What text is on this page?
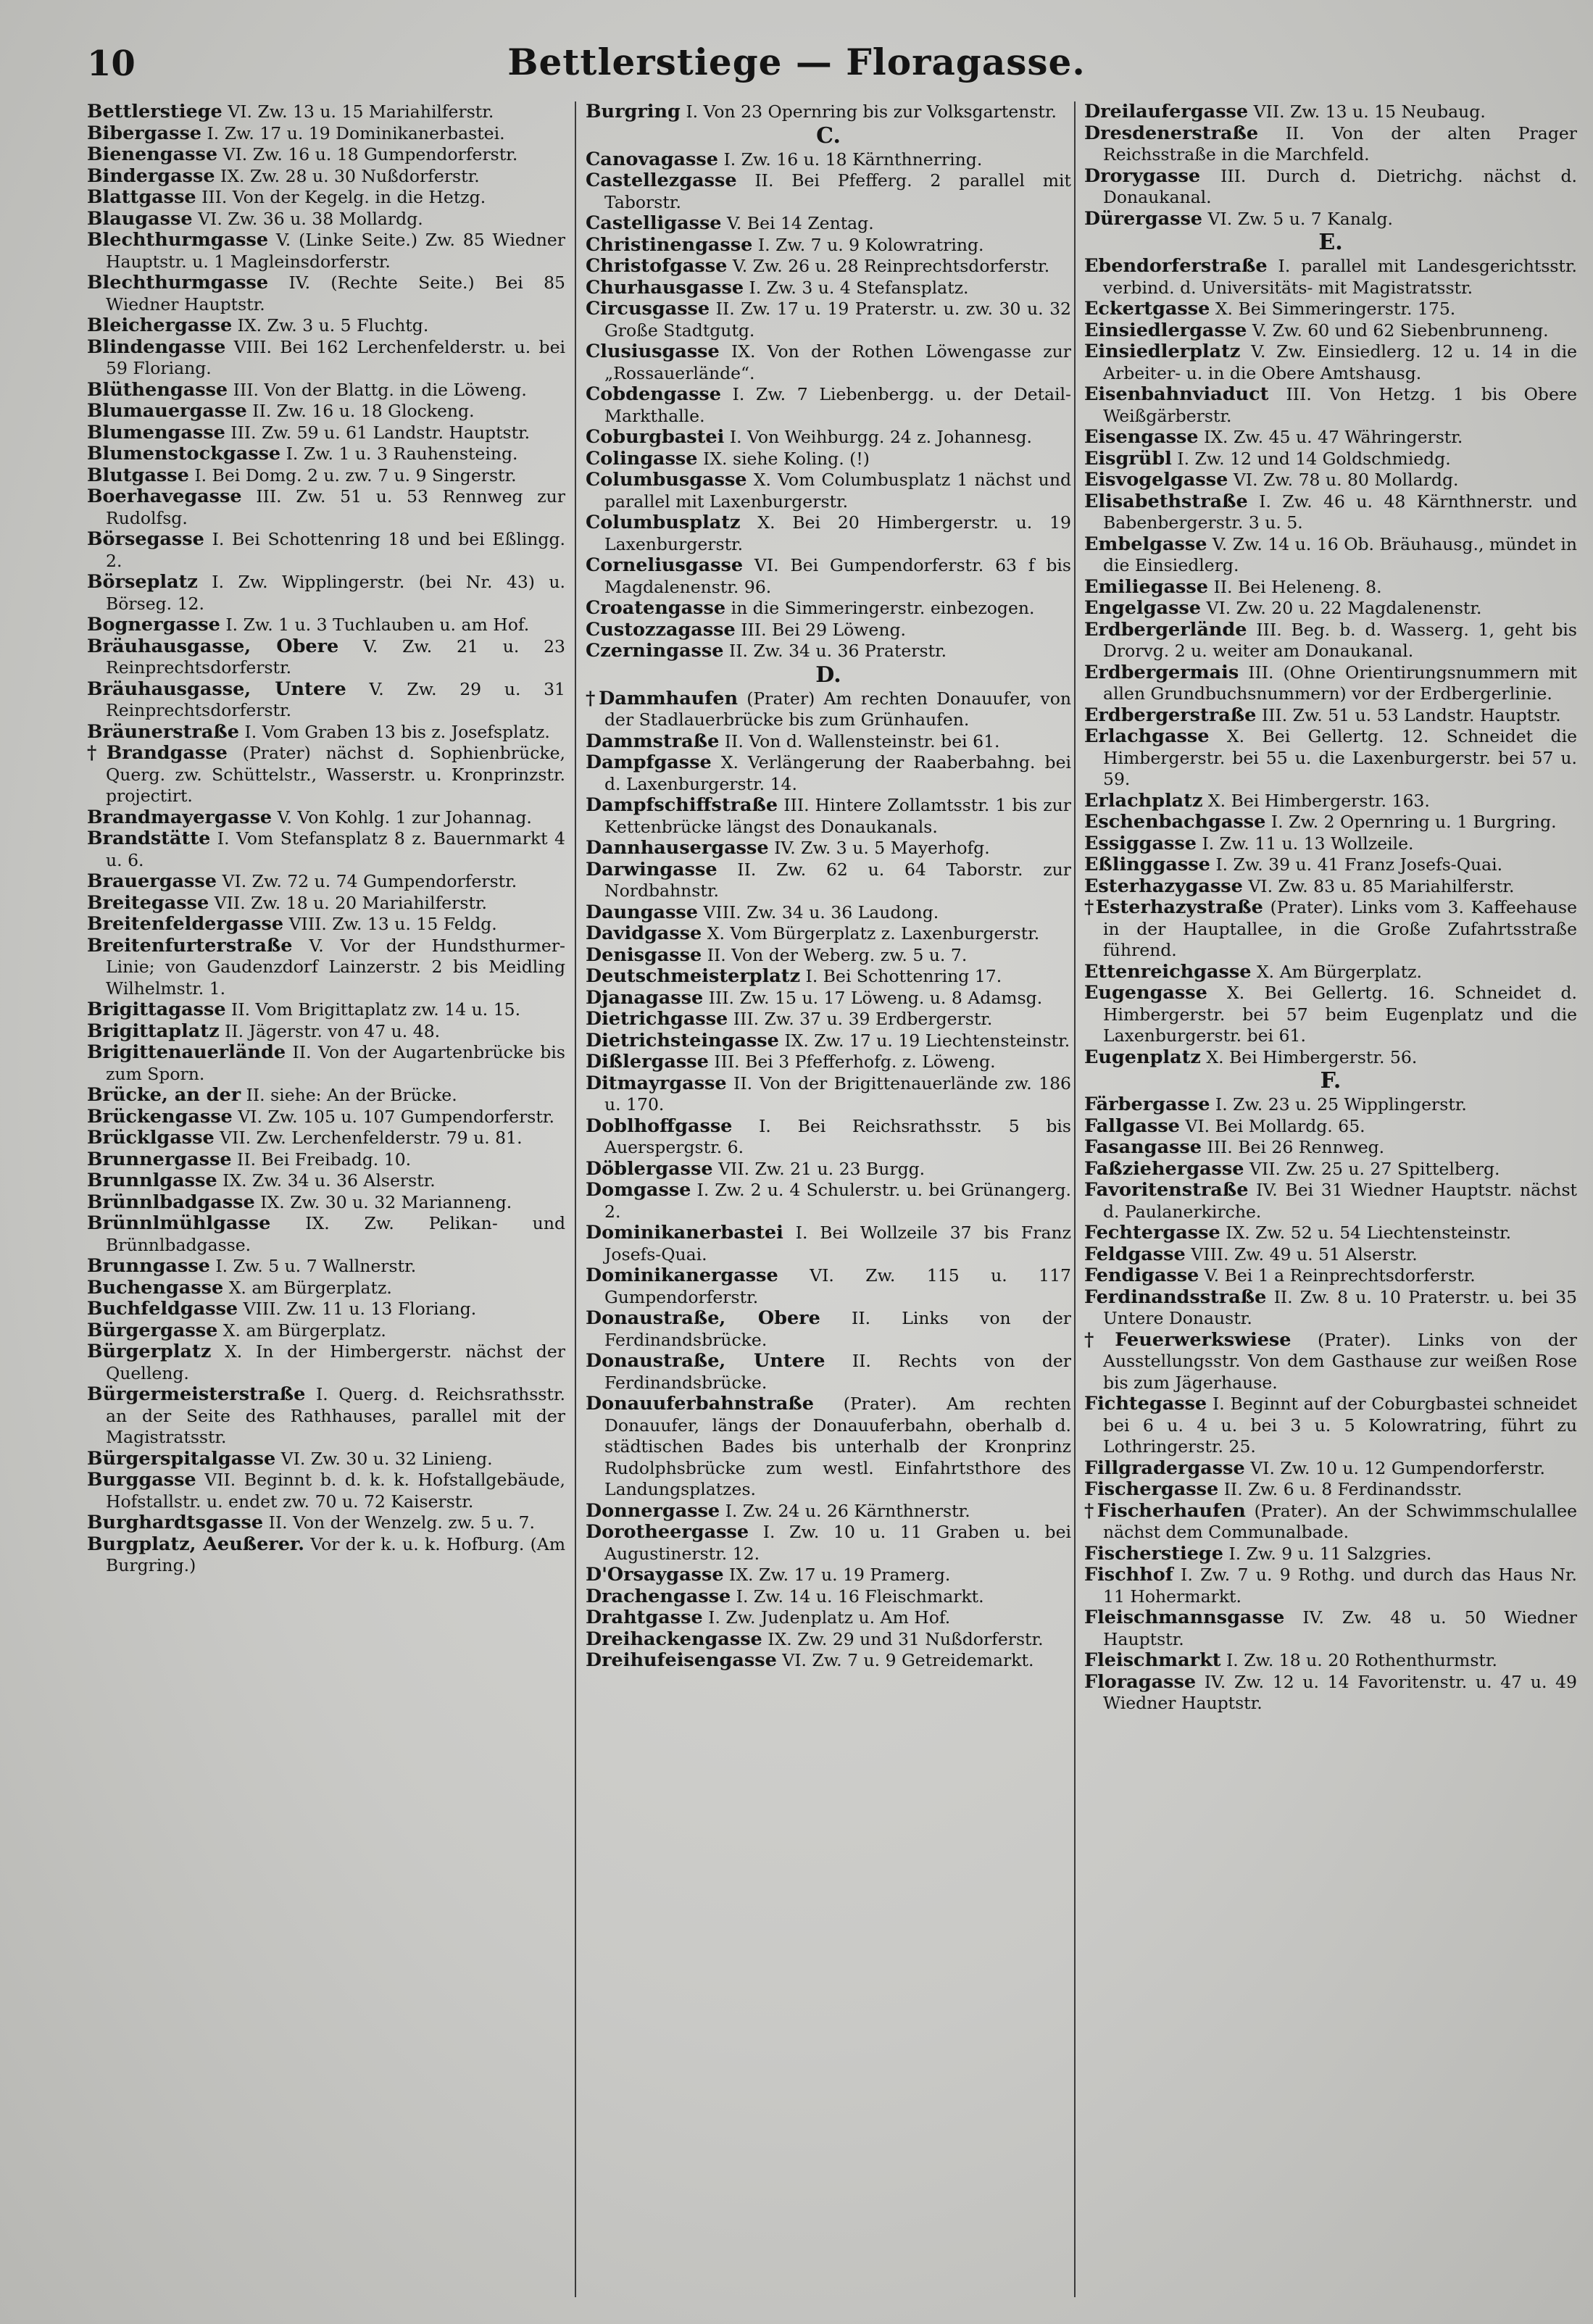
10	Bettlerstiege — Floragasse.
Bettlerstiege VI. Zw. 13 u. 15 Mariahilferstr.
Bibergasse I. Zw. 17 u. 19 Dominikanerbastei.
Bienengasse VI. Zw. 16 u. 18 Gumpendorferstr.
Bindergasse IX. Zw. 28 u. 30 Nußdorferstr.
Blattgasse III. Von der Kegelg. in die Hetzg.
Blaugasse VI. Zw. 36 u. 38 Mollardg.
Blechthurmgasse V. (Linke Seite.) Zw. 85 Wiedner Hauptstr. u. 1 Magleinsdorferstr.
Blechthurmgasse IV. (Rechte Seite.) Bei 85 Wiedner Hauptstr.
Bleichergasse IX. Zw. 3 u. 5 Fluchtg.
Blindengasse VIII. Bei 162 Lerchenfelderstr. u. bei 59 Floriang.
Blüthengasse III. Von der Blattg. in die Löweng.
Blumauergasse II. Zw. 16 u. 18 Glockeng.
Blumengasse III. Zw. 59 u. 61 Landstr. Hauptstr.
Blumenstockgasse I. Zw. 1 u. 3 Rauhensteing.
Blutgasse I. Bei Domg. 2 u. zw. 7 u. 9 Singerstr.
Boerhavegasse III. Zw. 51 u. 53 Rennweg zur Rudolfsg.
Börsegasse I. Bei Schottenring 18 und bei Eßlingg. 2.
Börseplatz I. Zw. Wipplingerstr. (bei Nr. 43) u. Börseg. 12.
Bognergasse I. Zw. 1 u. 3 Tuchlauben u. am Hof.
Bräuhausgasse, Obere V. Zw. 21 u. 23 Reinprechtsdorferstr.
Bräuhausgasse, Untere V. Zw. 29 u. 31 Reinprechtsdorferstr.
Bräunerstraße I. Vom Graben 13 bis z. Josefsplatz.
†Brandgasse (Prater) nächst d. Sophienbrücke, Querg. zw. Schüttelstr., Wasserstr. u. Kronprinzstr. projectirt.
Brandmayergasse V. Von Kohlg. 1 zur Johannag.
Brandstätte I. Vom Stefansplatz 8 z. Bauernmarkt 4 u. 6.
Brauergasse VI. Zw. 72 u. 74 Gumpendorferstr.
Breitegasse VII. Zw. 18 u. 20 Mariahilferstr.
Breitenfeldergasse VIII. Zw. 13 u. 15 Feldg.
Breitenfurterstraße V. Vor der Hundsthurmer-Linie; von Gaudenzdorf Lainzerstr. 2 bis Meidling Wilhelmstr. 1.
Brigittagasse II. Vom Brigittaplatz zw. 14 u. 15.
Brigittaplatz II. Jägerstr. von 47 u. 48.
Brigittenauerlände II. Von der Augartenbrücke bis zum Sporn.
Brücke, an der II. siehe: An der Brücke.
Brückengasse VI. Zw. 105 u. 107 Gumpendorferstr.
Brücklgasse VII. Zw. Lerchenfelderstr. 79 u. 81.
Brunnergasse II. Bei Freibadg. 10.
Brunnlgasse IX. Zw. 34 u. 36 Alserstr.
Brünnlbadgasse IX. Zw. 30 u. 32 Marianneng.
Brünnlmühlgasse IX. Zw. Pelikan- und Brünnlbadgasse.
Brunngasse I. Zw. 5 u. 7 Wallnerstr.
Buchengasse X. am Bürgerplatz.
Buchfeldgasse VIII. Zw. 11 u. 13 Floriang.
Bürgergasse X. am Bürgerplatz.
Bürgerplatz X. In der Himbergerstr. nächst der Quelleng.
Bürgermeisterstraße I. Querg. d. Reichsrathsstr. an der Seite des Rathhauses, parallel mit der Magistratsstr.
Bürgerspitalgasse VI. Zw. 30 u. 32 Linieng.
Burggasse VII. Beginnt b. d. k. k. Hofstallgebäude, Hofstallstr. u. endet zw. 70 u. 72 Kaiserstr.
Burghardtsgasse II. Von der Wenzelg. zw. 5 u. 7.
Burgplatz, Aeußerer. Vor der k. u. k. Hofburg. (Am Burgring.)
Burgring I. Von 23 Opernring bis zur Volksgartenstr.
C.
Canovagasse I. Zw. 16 u. 18 Kärnthnerring.
Castellezgasse II. Bei Pfefferg. 2 parallel mit Taborstr.
Castelligasse V. Bei 14 Zentag.
Christinengasse I. Zw. 7 u. 9 Kolowratring.
Christofgasse V. Zw. 26 u. 28 Reinprechtsdorferstr.
Churhausgasse I. Zw. 3 u. 4 Stefansplatz.
Circusgasse II. Zw. 17 u. 19 Praterstr. u. zw. 30 u. 32 Große Stadtgutg.
Clusiusgasse IX. Von der Rothen Löwengasse zur „Rossauerlände“.
Cobdengasse I. Zw. 7 Liebenbergg. u. der Detail-Markthalle.
Coburgbastei I. Von Weihburgg. 24 z. Johannesg.
Colingasse IX. siehe Koling. (!)
Columbusgasse X. Vom Columbusplatz 1 nächst und parallel mit Laxenburgerstr.
Columbusplatz X. Bei 20 Himbergerstr. u. 19 Laxenburgerstr.
Corneliusgasse VI. Bei Gumpendorferstr. 63 f bis Magdalenenstr. 96.
Croatengasse in die Simmeringerstr. einbezogen.
Custozzagasse III. Bei 29 Löweng.
Czerningasse II. Zw. 34 u. 36 Praterstr.
D.
†Dammhaufen (Prater) Am rechten Donauufer, von der Stadlauerbrücke bis zum Grünhaufen.
Dammstraße II. Von d. Wallensteinstr. bei 61.
Dampfgasse X. Verlängerung der Raaberbahng. bei d. Laxenburgerstr. 14.
Dampfschiffstraße III. Hintere Zollamtsstr. 1 bis zur Kettenbrücke längst des Donaukanals.
Dannhausergasse IV. Zw. 3 u. 5 Mayerhofg.
Darwingasse II. Zw. 62 u. 64 Taborstr. zur Nordbahnstr.
Daungasse VIII. Zw. 34 u. 36 Laudong.
Davidgasse X. Vom Bürgerplatz z. Laxenburgerstr.
Denisgasse II. Von der Weberg. zw. 5 u. 7.
Deutschmeisterplatz I. Bei Schottenring 17.
Djanagasse III. Zw. 15 u. 17 Löweng. u. 8 Adamsg.
Dietrichgasse III. Zw. 37 u. 39 Erdbergerstr.
Dietrichsteingasse IX. Zw. 17 u. 19 Liechtensteinstr.
Dißlergasse III. Bei 3 Pfefferhofg. z. Löweng.
Ditmayrgasse II. Von der Brigittenauerlände zw. 186 u. 170.
Doblhoffgasse I. Bei Reichsrathsstr. 5 bis Auerspergstr. 6.
Döblergasse VII. Zw. 21 u. 23 Burgg.
Domgasse I. Zw. 2 u. 4 Schulerstr. u. bei Grünangerg. 2.
Dominikanerbastei I. Bei Wollzeile 37 bis Franz Josefs-Quai.
Dominikanergasse VI. Zw. 115 u. 117 Gumpendorferstr.
Donaustraße, Obere II. Links von der Ferdinandsbrücke.
Donaustraße, Untere II. Rechts von der Ferdinandsbrücke.
Donauuferbahnstraße (Prater). Am rechten Donauufer, längs der Donauuferbahn, oberhalb d. städtischen Bades bis unterhalb der Kronprinz Rudolphsbrücke zum westl. Einfahrtsthore des Landungsplatzes.
Donnergasse I. Zw. 24 u. 26 Kärnthnerstr.
Dorotheergasse I. Zw. 10 u. 11 Graben u. bei Augustinerstr. 12.
D'Orsaygasse IX. Zw. 17 u. 19 Pramerg.
Drachengasse I. Zw. 14 u. 16 Fleischmarkt.
Drahtgasse I. Zw. Judenplatz u. Am Hof.
Dreihackengasse IX. Zw. 29 und 31 Nußdorferstr.
Dreihufeisengasse VI. Zw. 7 u. 9 Getreidemarkt.
Dreilaufergasse VII. Zw. 13 u. 15 Neubaug.
Dresdenerstraße II. Von der alten Prager Reichsstraße in die Marchfeld.
Drorygasse III. Durch d. Dietrichg. nächst d. Donaukanal.
Dürergasse VI. Zw. 5 u. 7 Kanalg.
E.
Ebendorferstraße I. parallel mit Landesgerichtsstr. verbind. d. Universitäts- mit Magistratsstr.
Eckertgasse X. Bei Simmeringerstr. 175.
Einsiedlergasse V. Zw. 60 und 62 Siebenbrunneng.
Einsiedlerplatz V. Zw. Einsiedlerg. 12 u. 14 in die Arbeiter- u. in die Obere Amtshausg.
Eisenbahnviaduct III. Von Hetzg. 1 bis Obere Weißgärberstr.
Eisengasse IX. Zw. 45 u. 47 Währingerstr.
Eisgrübl I. Zw. 12 und 14 Goldschmiedg.
Eisvogelgasse VI. Zw. 78 u. 80 Mollardg.
Elisabethstraße I. Zw. 46 u. 48 Kärnthnerstr. und Babenbergerstr. 3 u. 5.
Embelgasse V. Zw. 14 u. 16 Ob. Bräuhausg., mündet in die Einsiedlerg.
Emiliegasse II. Bei Heleneng. 8.
Engelgasse VI. Zw. 20 u. 22 Magdalenenstr.
Erdbergerlände III. Beg. b. d. Wasserg. 1, geht bis Drorvg. 2 u. weiter am Donaukanal.
Erdbergermais III. (Ohne Orientirungsnummern mit allen Grundbuchsnummern) vor der Erdbergerlinie.
Erdbergerstraße III. Zw. 51 u. 53 Landstr. Hauptstr.
Erlachgasse X. Bei Gellertg. 12. Schneidet die Himbergerstr. bei 55 u. die Laxenburgerstr. bei 57 u. 59.
Erlachplatz X. Bei Himbergerstr. 163.
Eschenbachgasse I. Zw. 2 Opernring u. 1 Burgring.
Essiggasse I. Zw. 11 u. 13 Wollzeile.
Eßlinggasse I. Zw. 39 u. 41 Franz Josefs-Quai.
Esterhazygasse VI. Zw. 83 u. 85 Mariahilferstr.
†Esterhazystraße (Prater). Links vom 3. Kaffeehause in der Hauptallee, in die Große Zufahrtsstraße führend.
Ettenreichgasse X. Am Bürgerplatz.
Eugengasse X. Bei Gellertg. 16. Schneidet d. Himbergerstr. bei 57 beim Eugenplatz und die Laxenburgerstr. bei 61.
Eugenplatz X. Bei Himbergerstr. 56.
F.
Färbergasse I. Zw. 23 u. 25 Wipplingerstr.
Fallgasse VI. Bei Mollardg. 65.
Fasangasse III. Bei 26 Rennweg.
Faßziehergasse VII. Zw. 25 u. 27 Spittelberg.
Favoritenstraße IV. Bei 31 Wiedner Hauptstr. nächst d. Paulanerkirche.
Fechtergasse IX. Zw. 52 u. 54 Liechtensteinstr.
Feldgasse VIII. Zw. 49 u. 51 Alserstr.
Fendigasse V. Bei 1 a Reinprechtsdorferstr.
Ferdinandsstraße II. Zw. 8 u. 10 Praterstr. u. bei 35 Untere Donaustr.
†Feuerwerkswiese (Prater). Links von der Ausstellungsstr. Von dem Gasthause zur weißen Rose bis zum Jägerhause.
Fichtegasse I. Beginnt auf der Coburgbastei schneidet bei 6 u. 4 u. bei 3 u. 5 Kolowratring, führt zu Lothringerstr. 25.
Fillgradergasse VI. Zw. 10 u. 12 Gumpendorferstr.
Fischergasse II. Zw. 6 u. 8 Ferdinandsstr.
†Fischerhaufen (Prater). An der Schwimmschulallee nächst dem Communalbade.
Fischerstiege I. Zw. 9 u. 11 Salzgries.
Fischhof I. Zw. 7 u. 9 Rothg. und durch das Haus Nr. 11 Hohermarkt.
Fleischmannsgasse IV. Zw. 48 u. 50 Wiedner Hauptstr.
Fleischmarkt I. Zw. 18 u. 20 Rothenthurmstr.
Floragasse IV. Zw. 12 u. 14 Favoritenstr. u. 47 u. 49 Wiedner Hauptstr.
